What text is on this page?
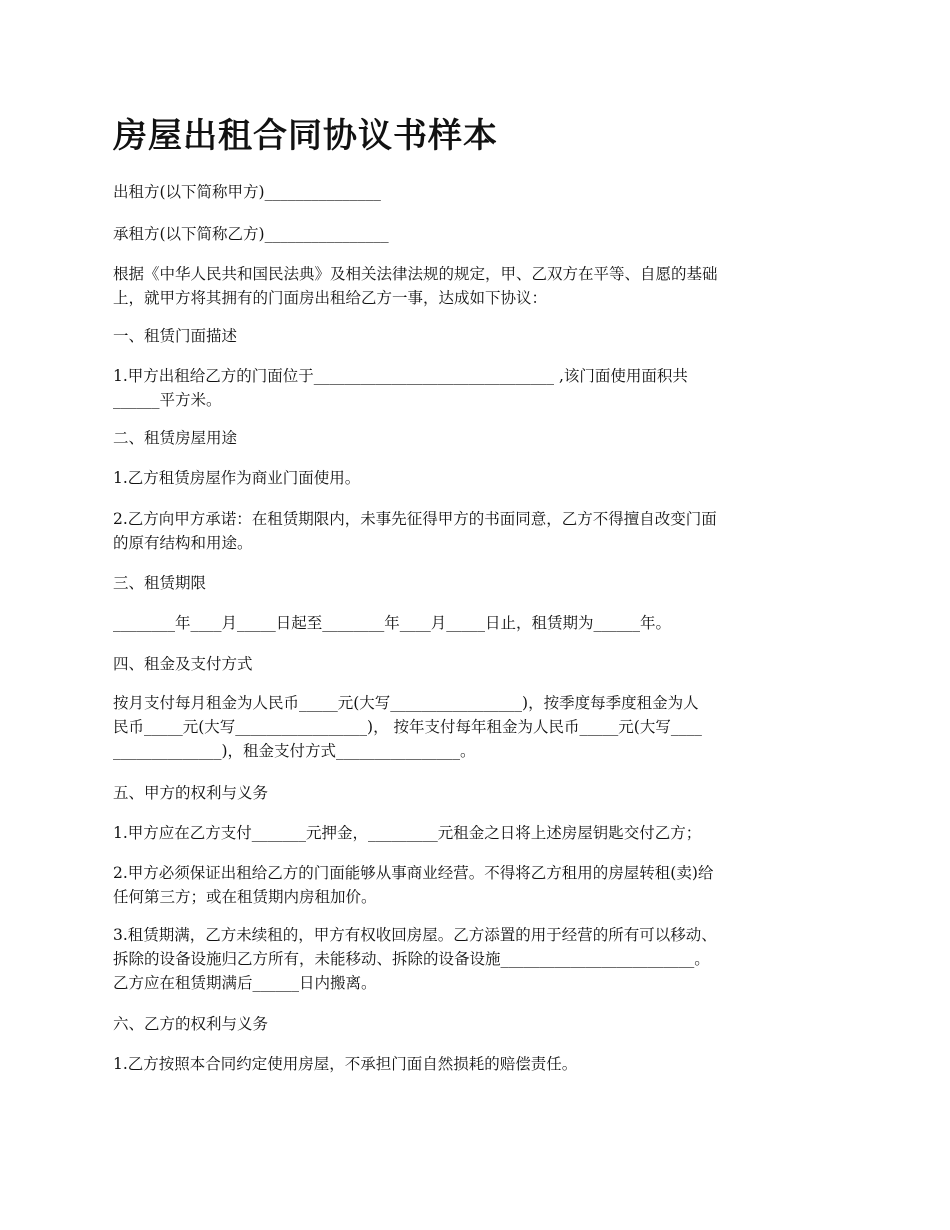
房屋出租合同协议书样本

出租方(以下简称甲方)_______________

承租方(以下简称乙方)________________

根据《中华人民共和国民法典》及相关法律法规的规定，甲、乙双方在平等、自愿的基础
上，就甲方将其拥有的门面房出租给乙方一事，达成如下协议：

一、租赁门面描述

1.甲方出租给乙方的门面位于_______________________________ ,该门面使用面积共
______平方米。

二、租赁房屋用途

1.乙方租赁房屋作为商业门面使用。

2.乙方向甲方承诺：在租赁期限内，未事先征得甲方的书面同意，乙方不得擅自改变门面
的原有结构和用途。

三、租赁期限

________年____月_____日起至________年____月_____日止，租赁期为______年。

四、租金及支付方式

按月支付每月租金为人民币_____元(大写_________________)，按季度每季度租金为人
民币_____元(大写_________________)， 按年支付每年租金为人民币_____元(大写____
______________)，租金支付方式________________。

五、甲方的权利与义务

1.甲方应在乙方支付_______元押金，_________元租金之日将上述房屋钥匙交付乙方；

2.甲方必须保证出租给乙方的门面能够从事商业经营。不得将乙方租用的房屋转租(卖)给
任何第三方；或在租赁期内房租加价。

3.租赁期满，乙方未续租的，甲方有权收回房屋。乙方添置的用于经营的所有可以移动、
拆除的设备设施归乙方所有，未能移动、拆除的设备设施_________________________。
乙方应在租赁期满后______日内搬离。

六、乙方的权利与义务

1.乙方按照本合同约定使用房屋，不承担门面自然损耗的赔偿责任。
